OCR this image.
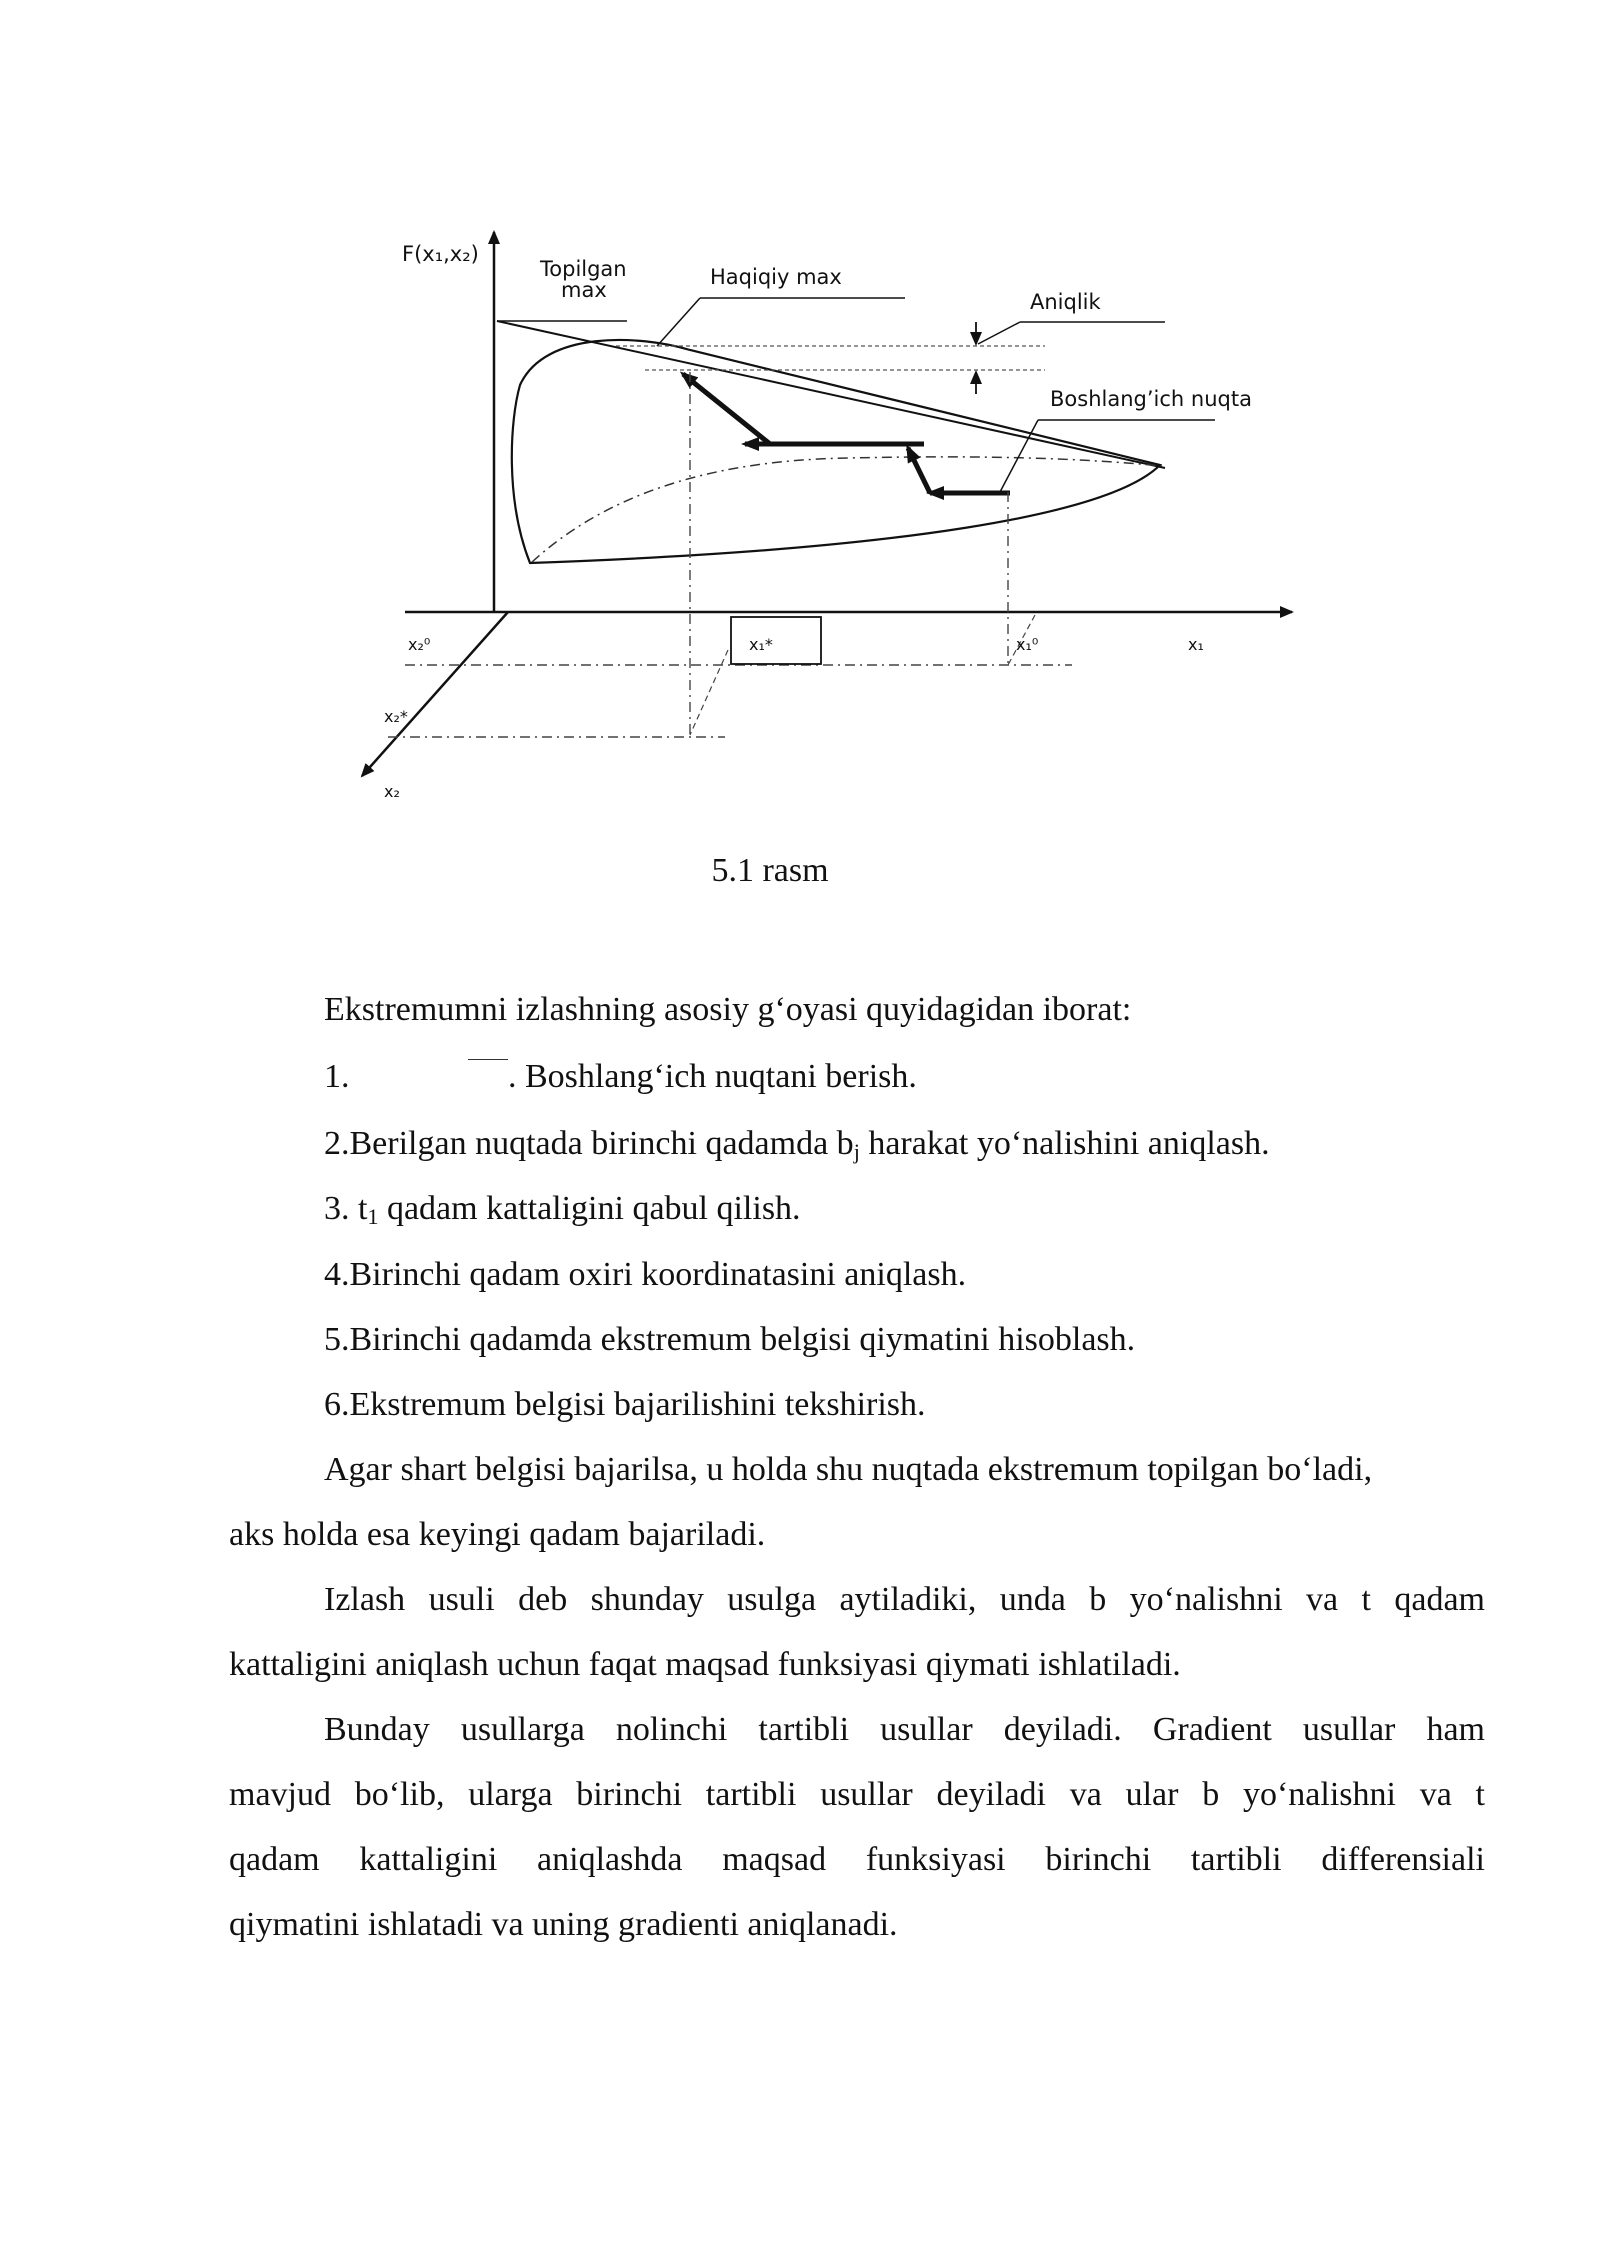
F(x₁,x₂)
Topilgan
max
Haqiqiy max
Aniqlik
Boshlang’ich nuqta
x₂⁰	x₁*	x₁⁰	x₁
x₂*
x₂
5.1 rasm
Ekstremumni izlashning asosiy g‘oyasi quyidagidan iborat:
1.	. Boshlang‘ich nuqtani berish.
2.Berilgan nuqtada birinchi qadamda $b_j$ harakat yo‘nalishini aniqlash.
3. $t_1$ qadam kattaligini qabul qilish.
4.Birinchi qadam oxiri koordinatasini aniqlash.
5.Birinchi qadamda ekstremum belgisi qiymatini hisoblash.
6.Ekstremum belgisi bajarilishini tekshirish.
Agar shart belgisi bajarilsa, u holda shu nuqtada ekstremum topilgan bo‘ladi,
aks holda esa keyingi qadam bajariladi.
Izlash usuli deb shunday usulga aytiladiki, unda b yo‘nalishni va t qadam
kattaligini aniqlash uchun faqat maqsad funksiyasi qiymati ishlatiladi.
Bunday usullarga nolinchi tartibli usullar deyiladi. Gradient usullar ham
mavjud bo‘lib, ularga birinchi tartibli usullar deyiladi va ular b yo‘nalishni va t
qadam kattaligini aniqlashda maqsad funksiyasi birinchi tartibli differensiali
qiymatini ishlatadi va uning gradienti aniqlanadi.
